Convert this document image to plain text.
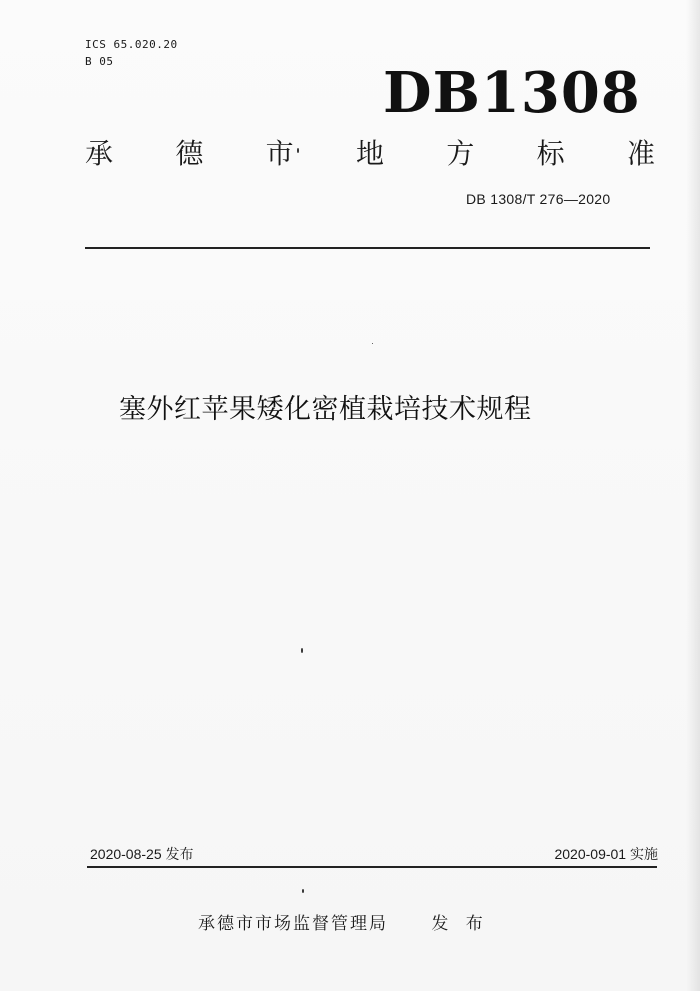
ICS 65.020.20
B 05	DB1308
承 德 市 地 方 标 准
DB 1308/T 276—2020
塞外红苹果矮化密植栽培技术规程
2020-08-25 发布	2020-09-01 实施
承德市市场监督管理局	发 布
